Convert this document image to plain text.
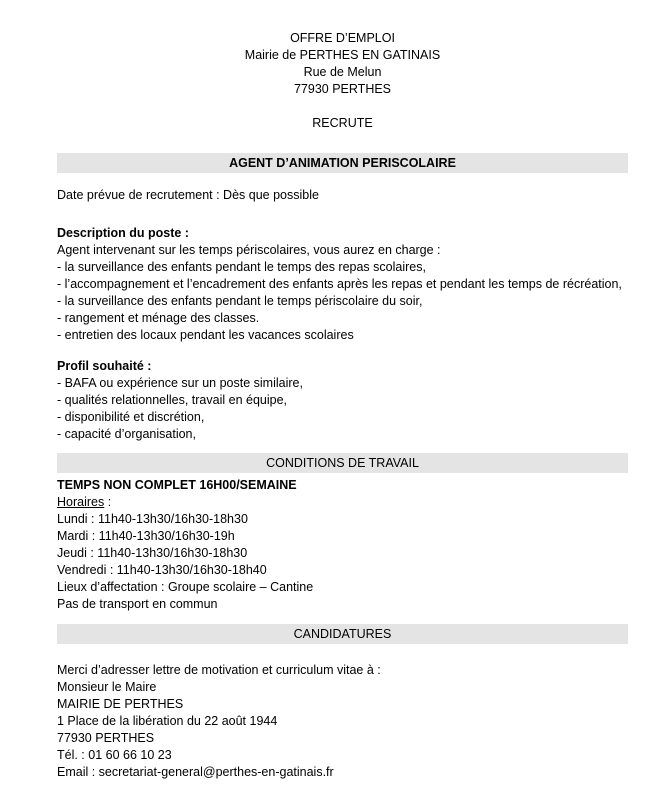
OFFRE D’EMPLOI
Mairie de PERTHES EN GATINAIS
Rue de Melun
77930 PERTHES
RECRUTE
AGENT D’ANIMATION PERISCOLAIRE
Date prévue de recrutement : Dès que possible
Description du poste :
Agent intervenant sur les temps périscolaires, vous aurez en charge :
- la surveillance des enfants pendant le temps des repas scolaires,
- l’accompagnement et l’encadrement des enfants après les repas et pendant les temps de récréation,
- la surveillance des enfants pendant le temps périscolaire du soir,
- rangement et ménage des classes.
- entretien des locaux pendant les vacances scolaires
Profil souhaité :
- BAFA ou expérience sur un poste similaire,
- qualités relationnelles, travail en équipe,
- disponibilité et discrétion,
- capacité d’organisation,
CONDITIONS DE TRAVAIL
TEMPS NON COMPLET 16H00/SEMAINE
Horaires :
Lundi : 11h40-13h30/16h30-18h30
Mardi : 11h40-13h30/16h30-19h
Jeudi : 11h40-13h30/16h30-18h30
Vendredi : 11h40-13h30/16h30-18h40
Lieux d’affectation : Groupe scolaire – Cantine
Pas de transport en commun
CANDIDATURES
Merci d’adresser lettre de motivation et curriculum vitae à :
Monsieur le Maire
MAIRIE DE PERTHES
1 Place de la libération du 22 août 1944
77930 PERTHES
Tél. : 01 60 66 10 23
Email : secretariat-general@perthes-en-gatinais.fr
